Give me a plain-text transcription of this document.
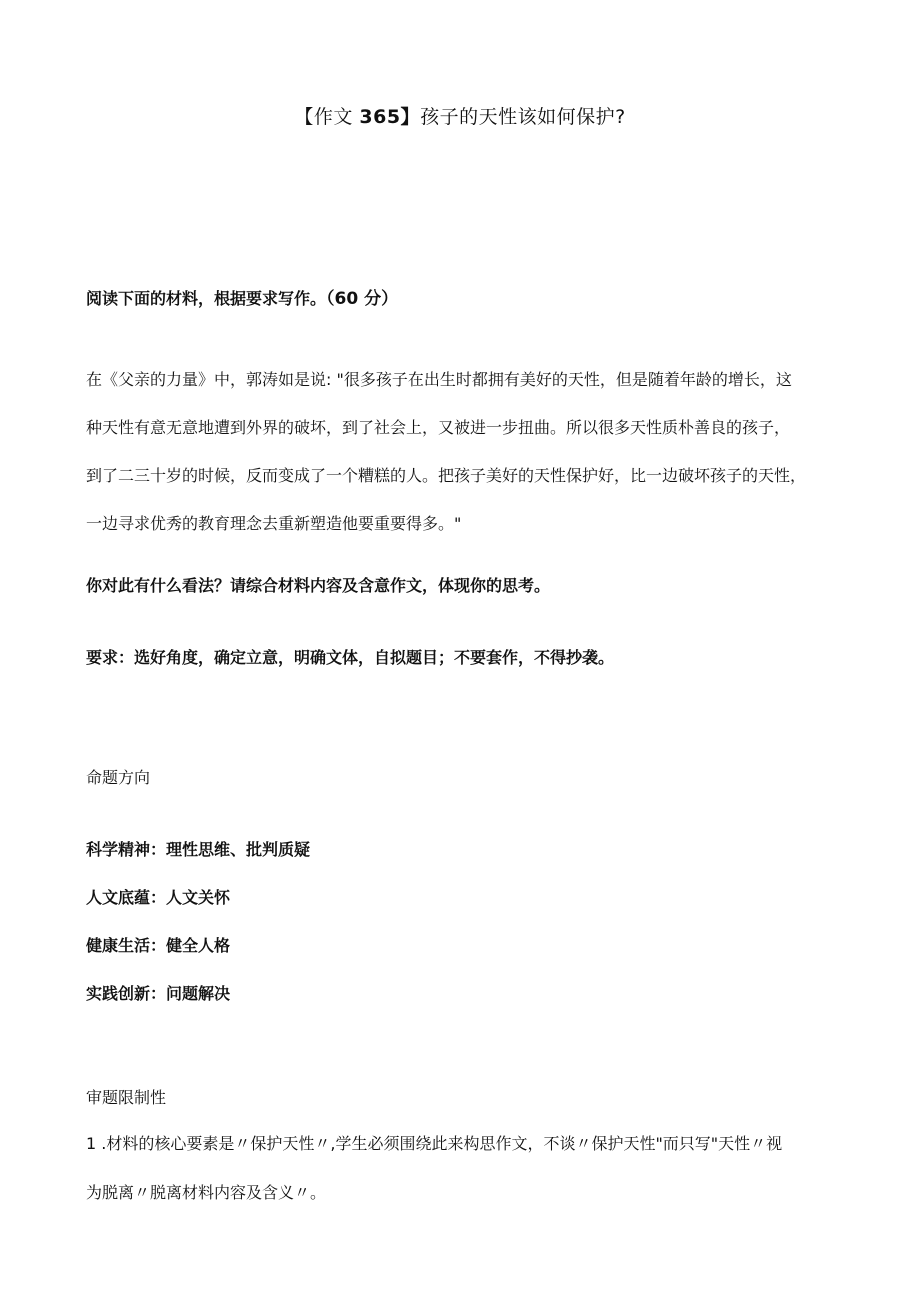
【作文 365】孩子的天性该如何保护?
阅读下面的材料，根据要求写作。（60 分）
在《父亲的力量》中，郭涛如是说: "很多孩子在出生时都拥有美好的天性，但是随着年龄的增长，这
种天性有意无意地遭到外界的破坏，到了社会上，又被进一步扭曲。所以很多天性质朴善良的孩子，
到了二三十岁的时候，反而变成了一个糟糕的人。把孩子美好的天性保护好，比一边破坏孩子的天性，
一边寻求优秀的教育理念去重新塑造他要重要得多。"
你对此有什么看法？请综合材料内容及含意作文，体现你的思考。
要求：选好角度，确定立意，明确文体，自拟题目；不要套作，不得抄袭。
命题方向
科学精神：理性思维、批判质疑
人文底蕴：人文关怀
健康生活：健全人格
实践创新：问题解决
审题限制性
1 .材料的核心要素是〃保护天性〃,学生必须围绕此来构思作文，不谈〃保护天性"而只写"天性〃视
为脱离〃脱离材料内容及含义〃。
